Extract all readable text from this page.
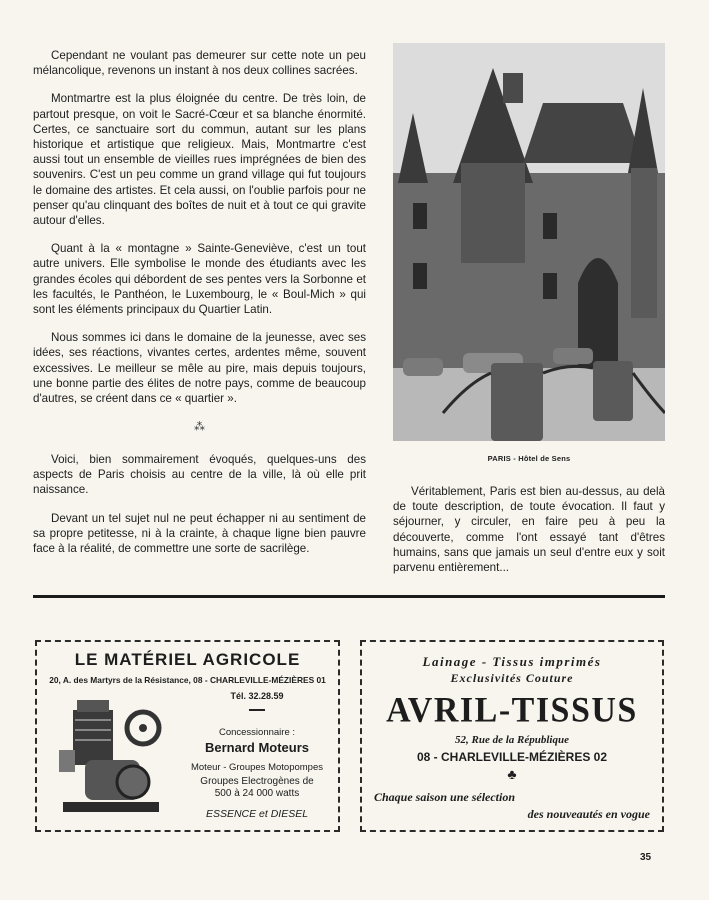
Cependant ne voulant pas demeurer sur cette note un peu mélancolique, revenons un instant à nos deux collines sacrées.

Montmartre est la plus éloignée du centre. De très loin, de partout presque, on voit le Sacré-Cœur et sa blanche énormité. Certes, ce sanctuaire sort du commun, autant sur les plans historique et artistique que religieux. Mais, Montmartre c'est aussi tout un ensemble de vieilles rues imprégnées de bien des souvenirs. C'est un peu comme un grand village qui fut toujours le domaine des artistes. Et cela aussi, on l'oublie parfois pour ne penser qu'au clinquant des boîtes de nuit et à tout ce qui gravite autour d'elles.

Quant à la « montagne » Sainte-Geneviève, c'est un tout autre univers. Elle symbolise le monde des étudiants avec les grandes écoles qui débordent de ses pentes vers la Sorbonne et les facultés, le Panthéon, le Luxembourg, le « Boul-Mich » qui sont les éléments principaux du Quartier Latin.

Nous sommes ici dans le domaine de la jeunesse, avec ses idées, ses réactions, vivantes certes, ardentes même, souvent excessives. Le meilleur se mêle au pire, mais depuis toujours, une bonne partie des élites de notre pays, comme de beaucoup d'autres, se créent dans ce « quartier ».

⁂

Voici, bien sommairement évoqués, quelques-uns des aspects de Paris choisis au centre de la ville, là où elle prit naissance.

Devant un tel sujet nul ne peut échapper ni au sentiment de sa propre petitesse, ni à la crainte, à chaque ligne bien pauvre face à la réalité, de commettre une sorte de sacrilège.

PARIS - Hôtel de Sens

Véritablement, Paris est bien au-dessus, au delà de toute description, de toute évocation. Il faut y séjourner, y circuler, en faire peu à peu la découverte, comme l'ont essayé tant d'êtres humains, sans que jamais un seul d'entre eux y soit parvenu entièrement...

LE MATÉRIEL AGRICOLE
20, A. des Martyrs de la Résistance, 08 - CHARLEVILLE-MÉZIÈRES 01
Tél. 32.28.59
Concessionnaire :
Bernard Moteurs
Moteur - Groupes Motopompes
Groupes Electrogènes de
500 à 24 000 watts
ESSENCE et DIESEL
Lainage - Tissus imprimés
Exclusivités Couture
AVRIL-TISSUS
52, Rue de la République
08 - CHARLEVILLE-MÉZIÈRES 02
♣
Chaque saison une sélection
des nouveautés en vogue
35
